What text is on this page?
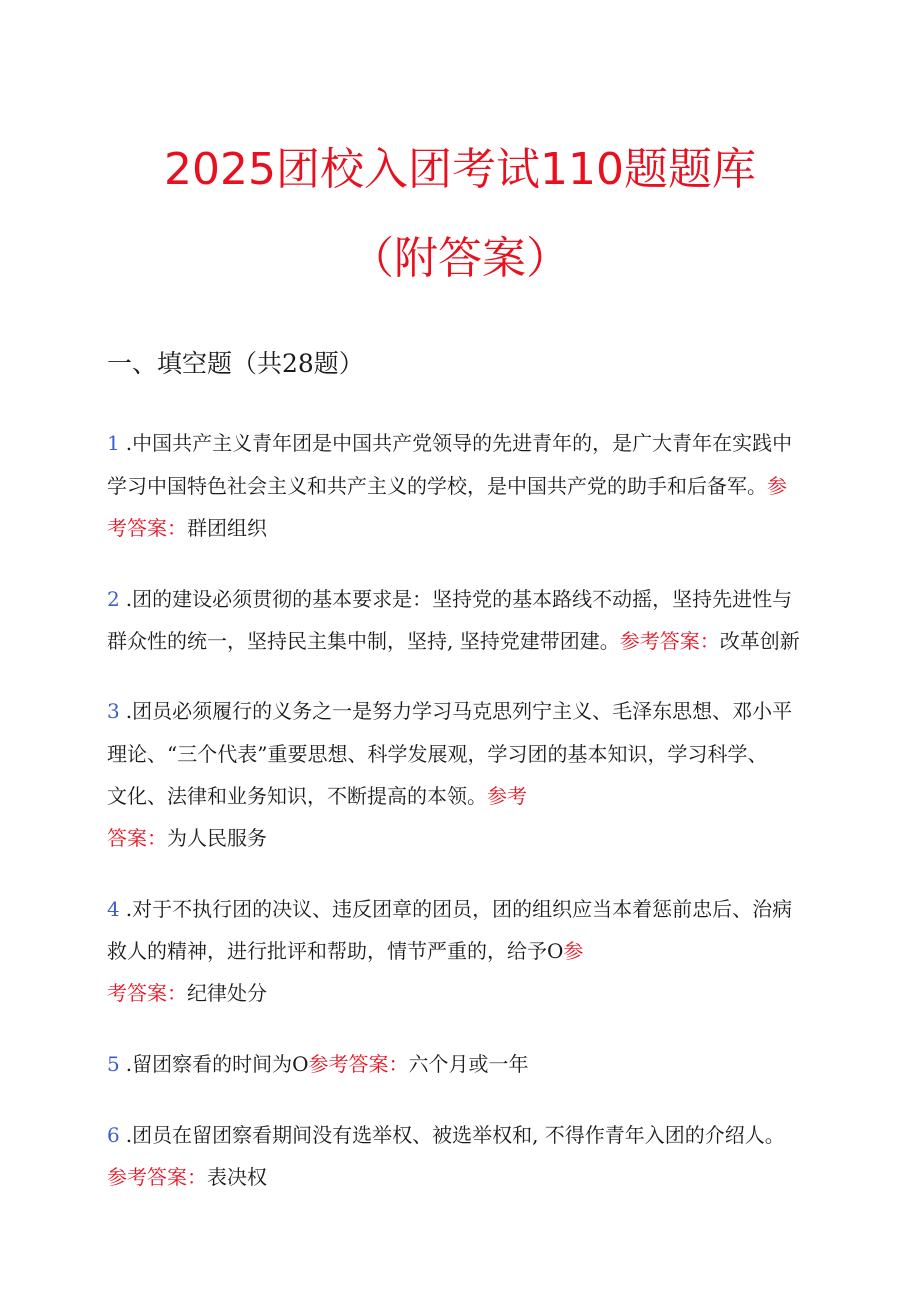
2025团校入团考试110题题库
（附答案）
一、填空题（共28题）
1 .中国共产主义青年团是中国共产党领导的先进青年的，是广大青年在实践中
学习中国特色社会主义和共产主义的学校，是中国共产党的助手和后备军。参
考答案：群团组织
2 .团的建设必须贯彻的基本要求是：坚持党的基本路线不动摇，坚持先进性与
群众性的统一，坚持民主集中制，坚持, 坚持党建带团建。参考答案：改革创新
3 .团员必须履行的义务之一是努力学习马克思列宁主义、毛泽东思想、邓小平
理论、“三个代表”重要思想、科学发展观，学习团的基本知识，学习科学、
文化、法律和业务知识，不断提高的本领。参考
答案：为人民服务
4 .对于不执行团的决议、违反团章的团员，团的组织应当本着惩前忠后、治病
救人的精神，进行批评和帮助，情节严重的，给予O参
考答案：纪律处分
5 .留团察看的时间为O参考答案：六个月或一年
6 .团员在留团察看期间没有选举权、被选举权和, 不得作青年入团的介绍人。
参考答案：表决权
